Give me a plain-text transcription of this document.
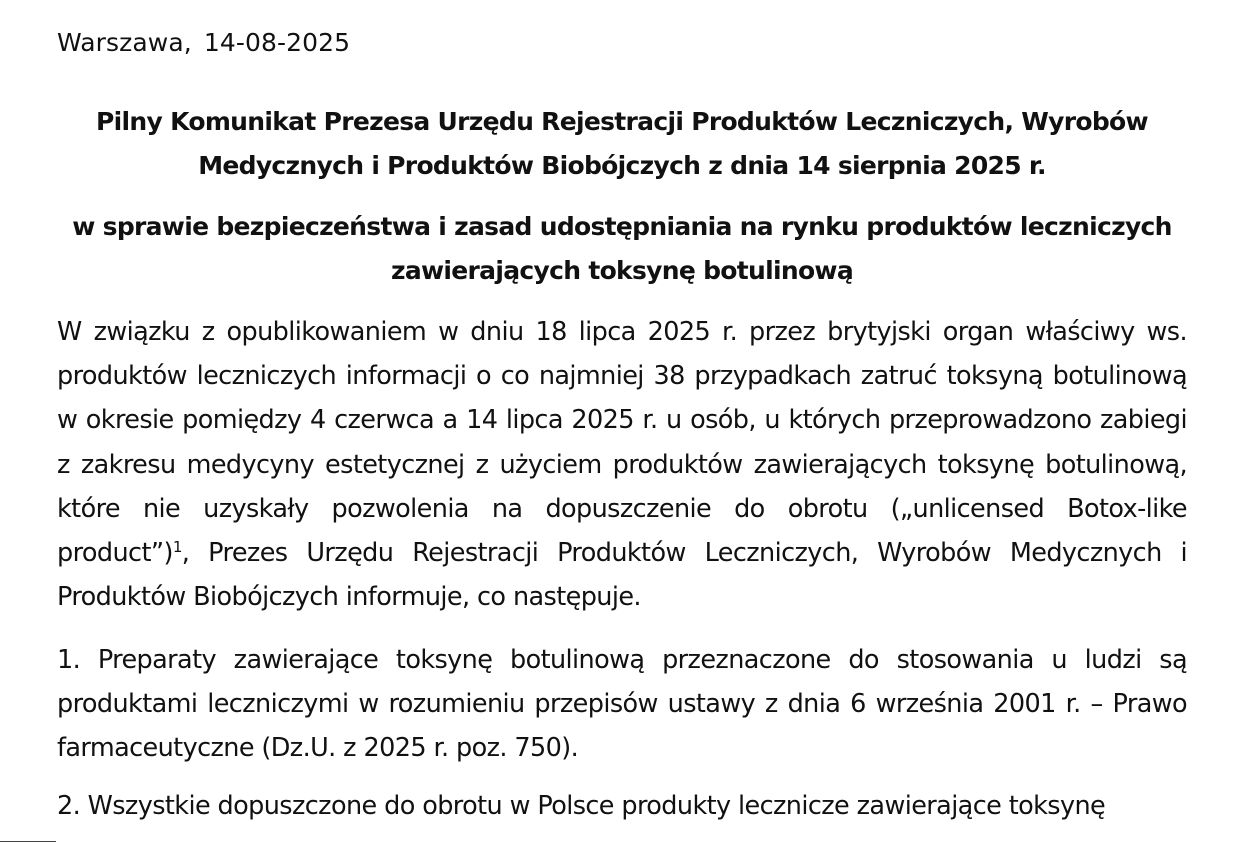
Warszawa, 14-08-2025
Pilny Komunikat Prezesa Urzędu Rejestracji Produktów Leczniczych, Wyrobów
Medycznych i Produktów Biobójczych z dnia 14 sierpnia 2025 r.
w sprawie bezpieczeństwa i zasad udostępniania na rynku produktów leczniczych
zawierających toksynę botulinową

W związku z opublikowaniem w dniu 18 lipca 2025 r. przez brytyjski organ właściwy ws. produktów leczniczych informacji o co najmniej 38 przypadkach zatruć toksyną botulinową w okresie pomiędzy 4 czerwca a 14 lipca 2025 r. u osób, u których przeprowadzono zabiegi z zakresu medycyny estetycznej z użyciem produktów zawierających toksynę botulinową, które nie uzyskały pozwolenia na dopuszczenie do obrotu („unlicensed Botox-like product”)$^1$, Prezes Urzędu Rejestracji Produktów Leczniczych, Wyrobów Medycznych i Produktów Biobójczych informuje, co następuje.

1. Preparaty zawierające toksynę botulinową przeznaczone do stosowania u ludzi są produktami leczniczymi w rozumieniu przepisów ustawy z dnia 6 września 2001 r. – Prawo farmaceutyczne (Dz.U. z 2025 r. poz. 750).

2. Wszystkie dopuszczone do obrotu w Polsce produkty lecznicze zawierające toksynę
